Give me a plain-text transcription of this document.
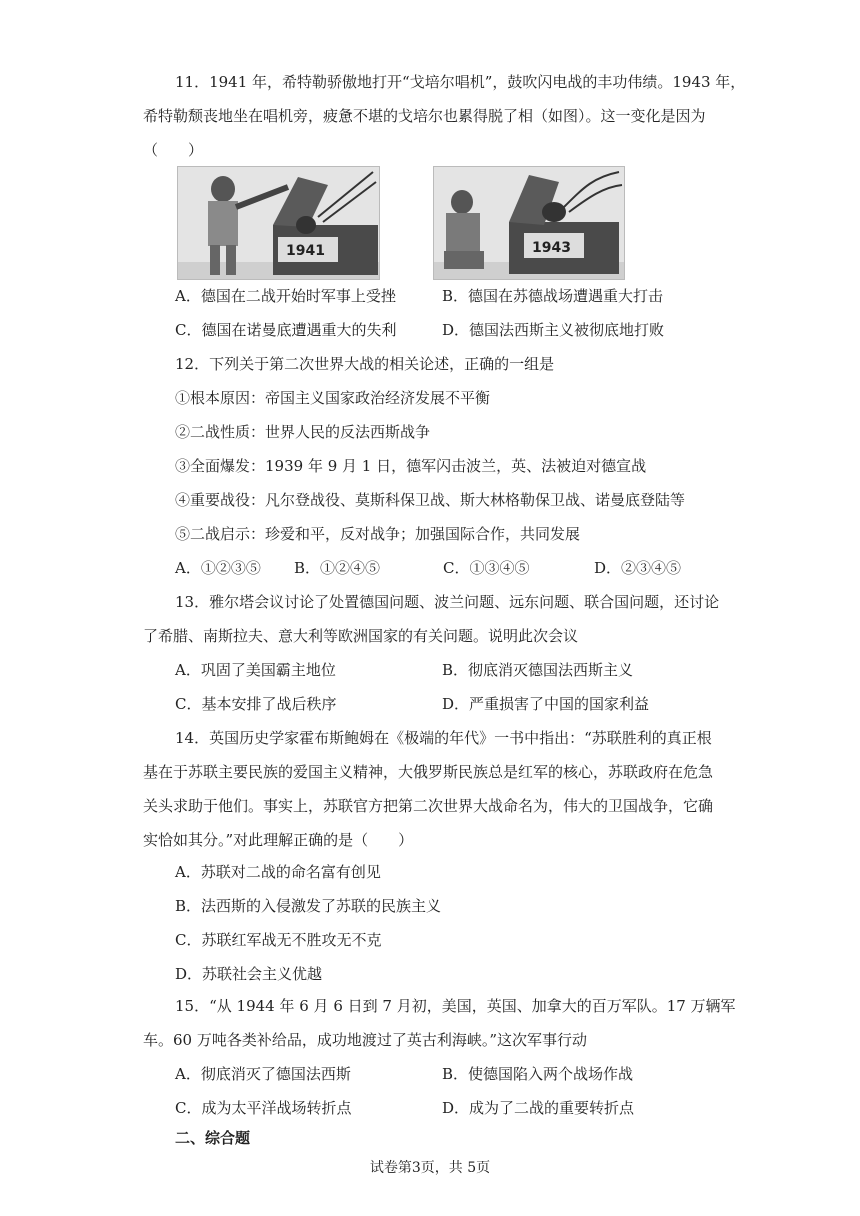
11．1941 年，希特勒骄傲地打开“戈培尔唱机”，鼓吹闪电战的丰功伟绩。1943 年，
希特勒颓丧地坐在唱机旁，疲惫不堪的戈培尔也累得脱了相（如图）。这一变化是因为
（　　）
1941	1943
A．德国在二战开始时军事上受挫	B．德国在苏德战场遭遇重大打击
C．德国在诺曼底遭遇重大的失利	D．德国法西斯主义被彻底地打败
12．下列关于第二次世界大战的相关论述，正确的一组是
①根本原因：帝国主义国家政治经济发展不平衡
②二战性质：世界人民的反法西斯战争
③全面爆发：1939 年 9 月 1 日，德军闪击波兰，英、法被迫对德宣战
④重要战役：凡尔登战役、莫斯科保卫战、斯大林格勒保卫战、诺曼底登陆等
⑤二战启示：珍爱和平，反对战争；加强国际合作，共同发展
A．①②③⑤ B．①②④⑤	C．①③④⑤	D．②③④⑤
13．雅尔塔会议讨论了处置德国问题、波兰问题、远东问题、联合国问题，还讨论
了希腊、南斯拉夫、意大利等欧洲国家的有关问题。说明此次会议
A．巩固了美国霸主地位	B．彻底消灭德国法西斯主义
C．基本安排了战后秩序	D．严重损害了中国的国家利益
14．英国历史学家霍布斯鲍姆在《极端的年代》一书中指出：“苏联胜利的真正根
基在于苏联主要民族的爱国主义精神，大俄罗斯民族总是红军的核心，苏联政府在危急
关头求助于他们。事实上，苏联官方把第二次世界大战命名为，伟大的卫国战争，它确
实恰如其分。”对此理解正确的是（　　）
A．苏联对二战的命名富有创见
B．法西斯的入侵激发了苏联的民族主义
C．苏联红军战无不胜攻无不克
D．苏联社会主义优越
15．“从 1944 年 6 月 6 日到 7 月初，美国，英国、加拿大的百万军队。17 万辆军
车。60 万吨各类补给品，成功地渡过了英古利海峡。”这次军事行动
A．彻底消灭了德国法西斯	B．使德国陷入两个战场作战
C．成为太平洋战场转折点	D．成为了二战的重要转折点
二、综合题
试卷第3页，共 5页
